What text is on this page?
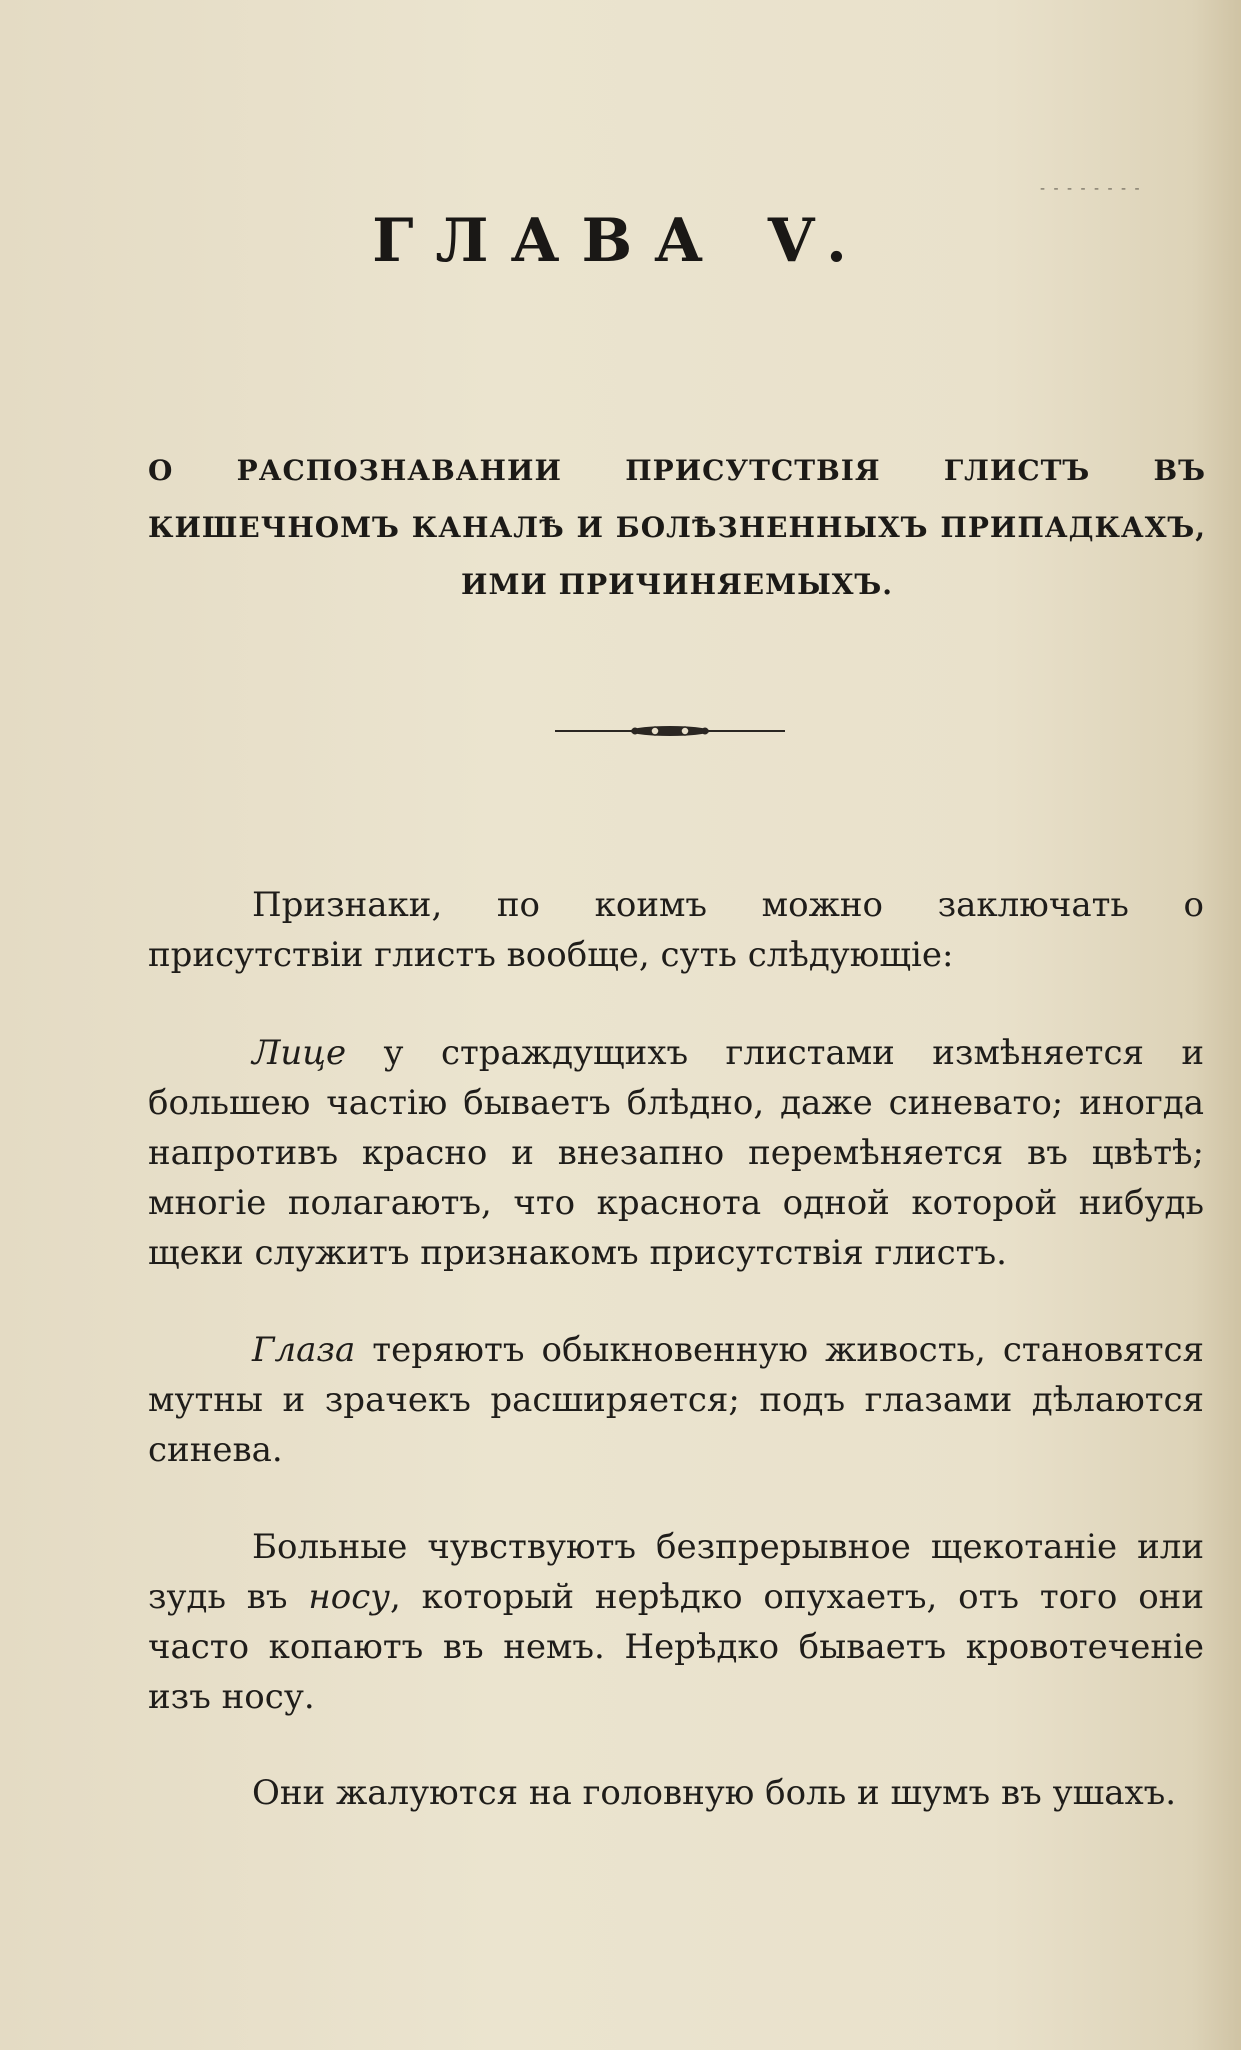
- - - - - - - -
ГЛАВА V.
О РАСПОЗНАВАНИИ ПРИСУТСТВІЯ ГЛИСТЪ ВЪ КИШЕЧНОМЪ КАНАЛѢ И БОЛѢЗНЕННЫХЪ ПРИПАДКАХЪ, ИМИ ПРИЧИНЯЕМЫХЪ.
Признаки, по коимъ можно заключать о присутствіи глистъ вообще, суть слѣдующіе:
Лице у страждущихъ глистами измѣняется и большею частію бываетъ блѣдно, даже синевато; иногда напротивъ красно и внезапно перемѣняется въ цвѣтѣ; многіе полагаютъ, что краснота одной которой нибудь щеки служитъ признакомъ присутствія глистъ.
Глаза теряютъ обыкновенную живость, становятся мутны и зрачекъ расширяется; подъ глазами дѣлаются синева.
Больные чувствуютъ безпрерывное щекотаніе или зудь въ носу, который нерѣдко опухаетъ, отъ того они часто копаютъ въ немъ. Нерѣдко бываетъ кровотеченіе изъ носу.
Они жалуются на головную боль и шумъ въ ушахъ.
